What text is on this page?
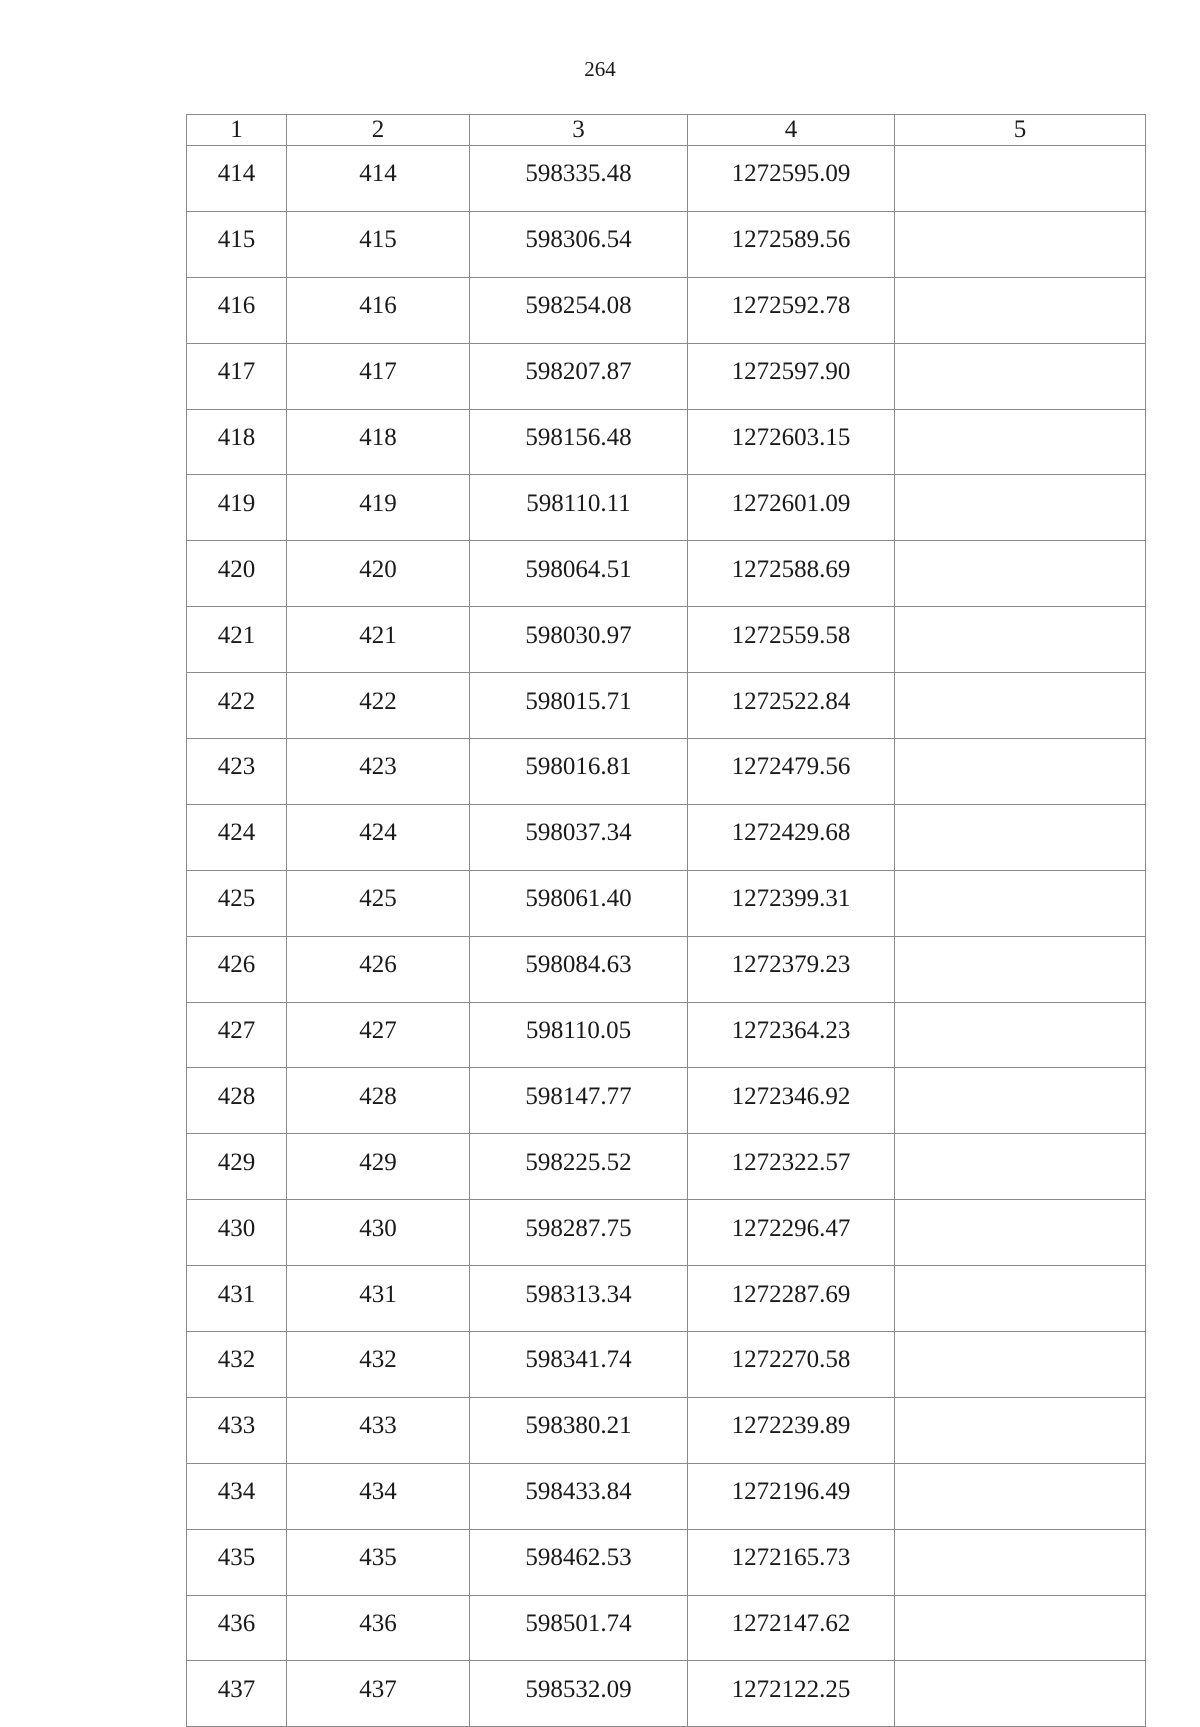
264
1	2	3	4	5
414	414	598335.48	1272595.09	
415	415	598306.54	1272589.56	
416	416	598254.08	1272592.78	
417	417	598207.87	1272597.90	
418	418	598156.48	1272603.15	
419	419	598110.11	1272601.09	
420	420	598064.51	1272588.69	
421	421	598030.97	1272559.58	
422	422	598015.71	1272522.84	
423	423	598016.81	1272479.56	
424	424	598037.34	1272429.68	
425	425	598061.40	1272399.31	
426	426	598084.63	1272379.23	
427	427	598110.05	1272364.23	
428	428	598147.77	1272346.92	
429	429	598225.52	1272322.57	
430	430	598287.75	1272296.47	
431	431	598313.34	1272287.69	
432	432	598341.74	1272270.58	
433	433	598380.21	1272239.89	
434	434	598433.84	1272196.49	
435	435	598462.53	1272165.73	
436	436	598501.74	1272147.62	
437	437	598532.09	1272122.25	
